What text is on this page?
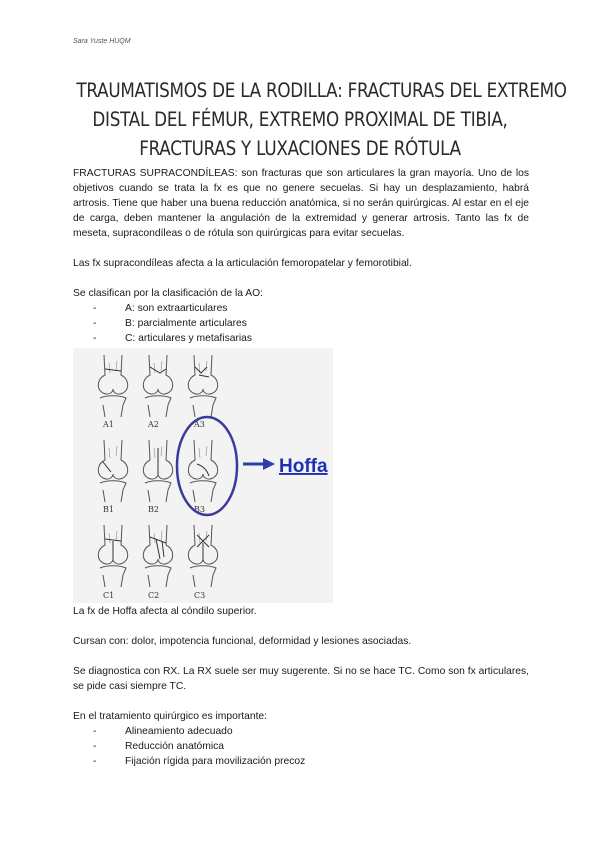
Sara Yuste HUQM
TRAUMATISMOS DE LA RODILLA: FRACTURAS DEL EXTREMO
DISTAL DEL FÉMUR, EXTREMO PROXIMAL DE TIBIA,
FRACTURAS Y LUXACIONES DE RÓTULA

FRACTURAS SUPRACONDÍLEAS: son fracturas que son articulares la gran mayoría. Uno de los objetivos cuando se trata la fx es que no genere secuelas. Si hay un desplazamiento, habrá artrosis. Tiene que haber una buena reducción anatómica, si no serán quirúrgicas. Al estar en el eje de carga, deben mantener la angulación de la extremidad y generar artrosis. Tanto las fx de meseta, supracondíleas o de rótula son quirúrgicas para evitar secuelas.

Las fx supracondíleas afecta a la articulación femoropatelar y femorotibial.

Se clasifican por la clasificación de la AO:

- A: son extraarticulares
- B: parcialmente articulares
- C: articulares y metafisarias
A1	A2	A3
B1	B2	B3
C1	C2	C3
Hoffa

La fx de Hoffa afecta al cóndilo superior.

Cursan con: dolor, impotencia funcional, deformidad y lesiones asociadas.

Se diagnostica con RX. La RX suele ser muy sugerente. Si no se hace TC. Como son fx articulares, se pide casi siempre TC.

En el tratamiento quirúrgico es importante:

- Alineamiento adecuado
- Reducción anatómica
- Fijación rígida para movilización precoz
